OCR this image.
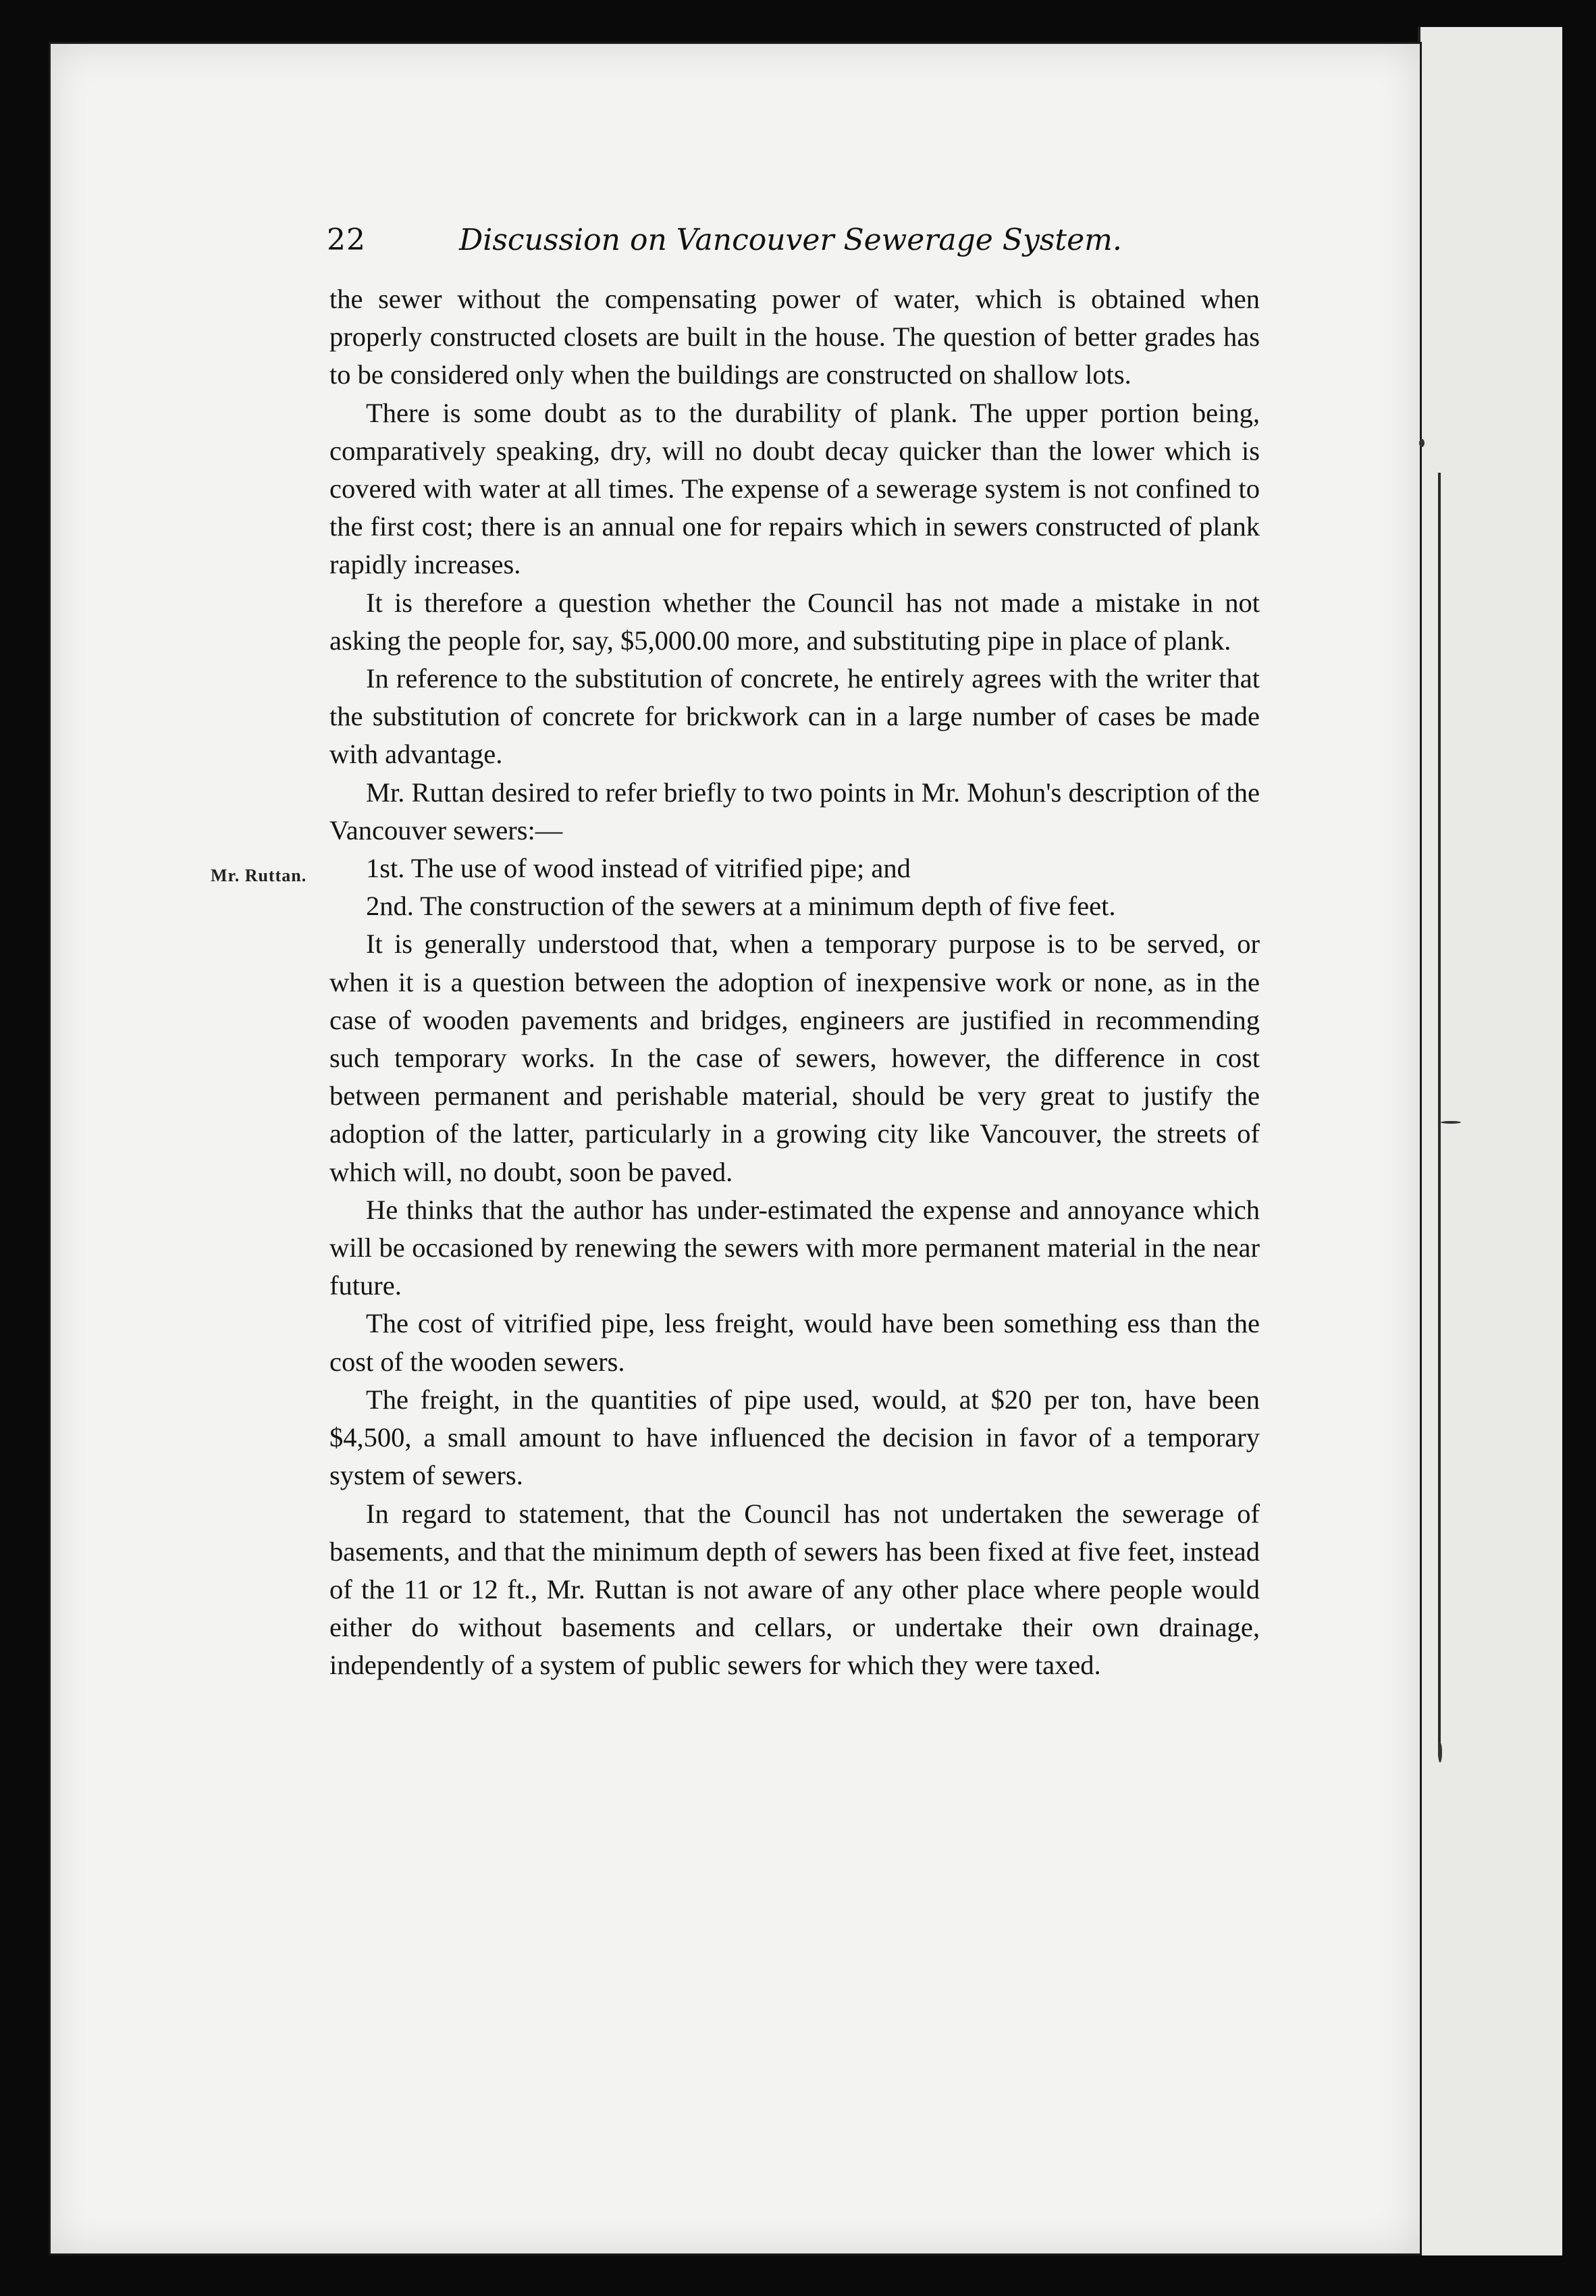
22	Discussion on Vancouver Sewerage System.
Mr. Ruttan.

the sewer without the compensating power of water, which is obtained when properly constructed closets are built in the house. The question of better grades has to be considered only when the buildings are constructed on shallow lots.

There is some doubt as to the durability of plank. The upper portion being, comparatively speaking, dry, will no doubt decay quicker than the lower which is covered with water at all times. The expense of a sewerage system is not confined to the first cost; there is an annual one for repairs which in sewers constructed of plank rapidly increases.

It is therefore a question whether the Council has not made a mistake in not asking the people for, say, $5,000.00 more, and substituting pipe in place of plank.

In reference to the substitution of concrete, he entirely agrees with the writer that the substitution of concrete for brickwork can in a large number of cases be made with advantage.

Mr. Ruttan desired to refer briefly to two points in Mr. Mohun's description of the Vancouver sewers:—

1st. The use of wood instead of vitrified pipe; and

2nd. The construction of the sewers at a minimum depth of five feet.

It is generally understood that, when a temporary purpose is to be served, or when it is a question between the adoption of inexpensive work or none, as in the case of wooden pavements and bridges, engineers are justified in recommending such temporary works. In the case of sewers, however, the difference in cost between permanent and perishable material, should be very great to justify the adoption of the latter, particularly in a growing city like Vancouver, the streets of which will, no doubt, soon be paved.

He thinks that the author has under-estimated the expense and annoyance which will be occasioned by renewing the sewers with more permanent material in the near future.

The cost of vitrified pipe, less freight, would have been something ess than the cost of the wooden sewers.

The freight, in the quantities of pipe used, would, at $20 per ton, have been $4,500, a small amount to have influenced the decision in favor of a temporary system of sewers.

In regard to statement, that the Council has not undertaken the sewerage of basements, and that the minimum depth of sewers has been fixed at five feet, instead of the 11 or 12 ft., Mr. Ruttan is not aware of any other place where people would either do without basements and cellars, or undertake their own drainage, independently of a system of public sewers for which they were taxed.
